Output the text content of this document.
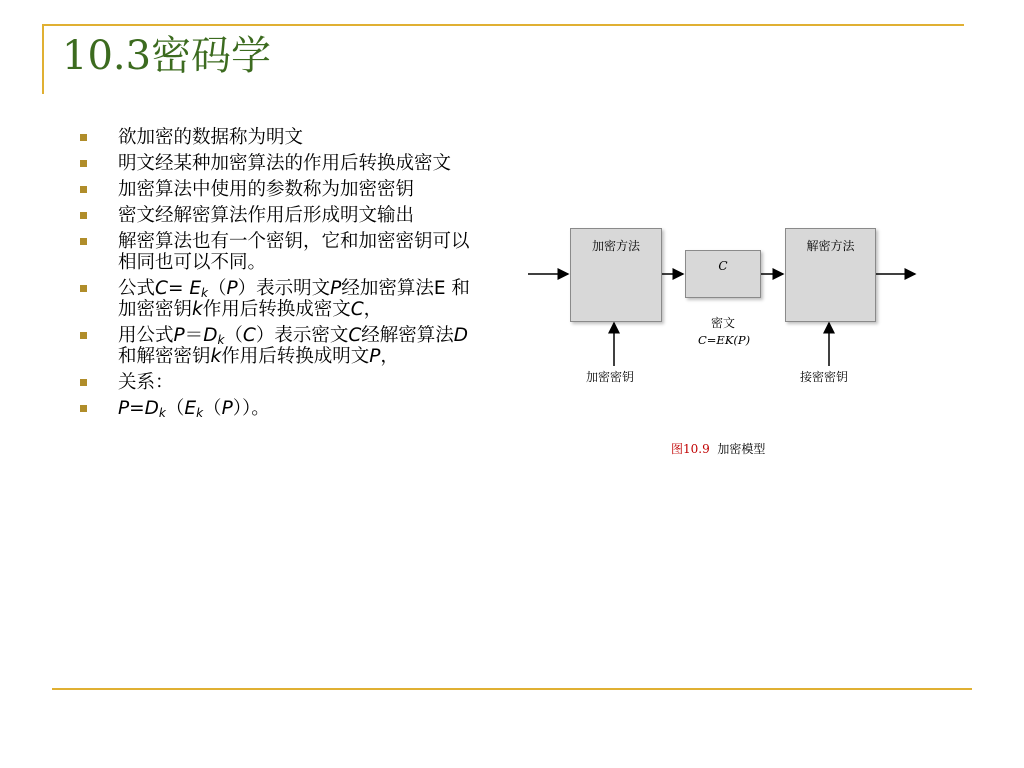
10.3密码学
欲加密的数据称为明文
明文经某种加密算法的作用后转换成密文
加密算法中使用的参数称为加密密钥
密文经解密算法作用后形成明文输出
解密算法也有一个密钥，它和加密密钥可以相同也可以不同。
公式$C= E_k(P)$表示明文P经加密算法E 和加密密钥k作用后转换成密文C，
用公式$P=D_k(C)$表示密文C经解密算法D和解密密钥k作用后转换成明文P，
关系：
$P=D_k(E_k(P))$。
加密方法
C
解密方法
密文
C=EK(P)
加密密钥	接密密钥
图10.9 加密模型
